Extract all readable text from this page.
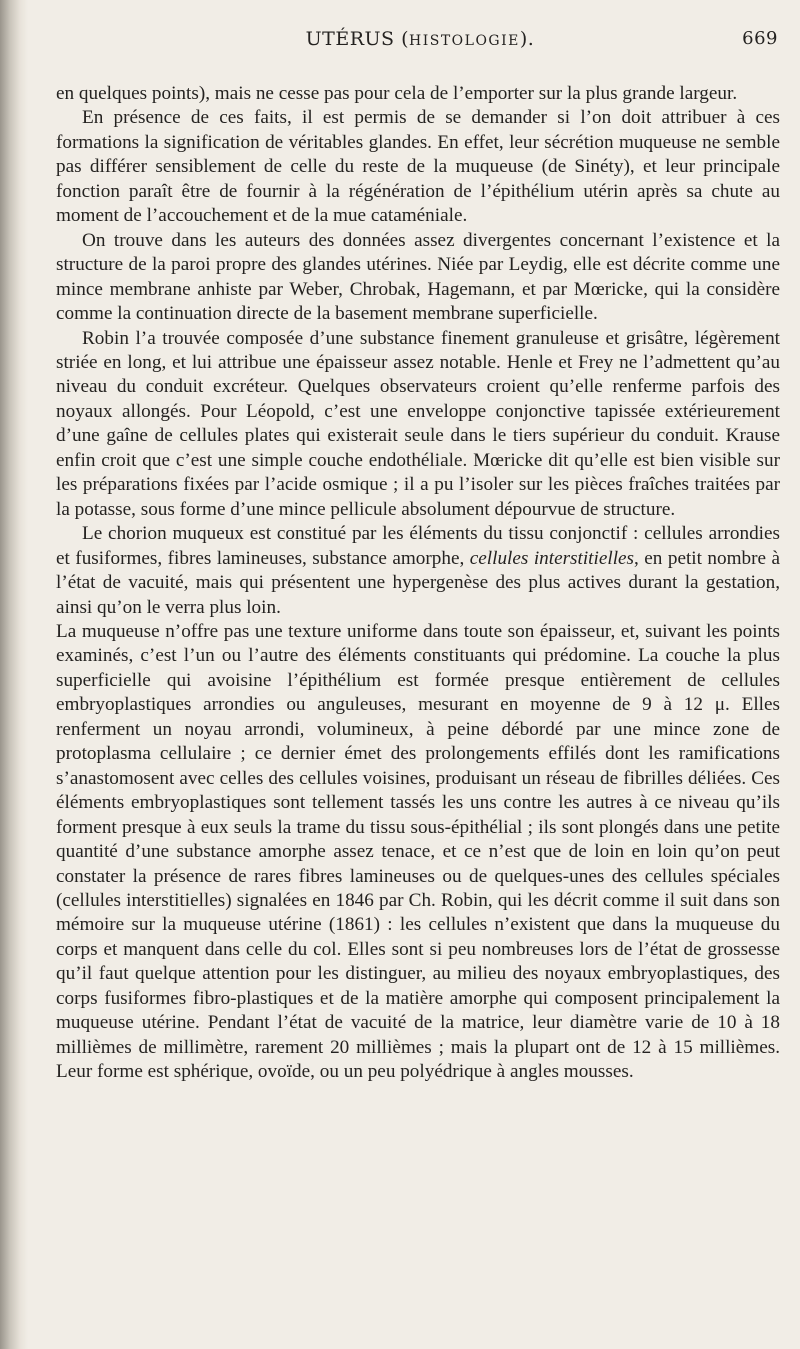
UTÉRUS (HISTOLOGIE).	669

en quelques points), mais ne cesse pas pour cela de l’emporter sur la plus grande largeur.

En présence de ces faits, il est permis de se demander si l’on doit attribuer à ces formations la signification de véritables glandes. En effet, leur sécrétion muqueuse ne semble pas différer sensiblement de celle du reste de la muqueuse (de Sinéty), et leur principale fonction paraît être de fournir à la régénération de l’épithélium utérin après sa chute au moment de l’accouchement et de la mue cataméniale.

On trouve dans les auteurs des données assez divergentes concernant l’existence et la structure de la paroi propre des glandes utérines. Niée par Leydig, elle est décrite comme une mince membrane anhiste par Weber, Chrobak, Hagemann, et par Mœricke, qui la considère comme la continuation directe de la basement membrane superficielle.

Robin l’a trouvée composée d’une substance finement granuleuse et grisâtre, légèrement striée en long, et lui attribue une épaisseur assez notable. Henle et Frey ne l’admettent qu’au niveau du conduit excréteur. Quelques observateurs croient qu’elle renferme parfois des noyaux allongés. Pour Léopold, c’est une enveloppe conjonctive tapissée extérieurement d’une gaîne de cellules plates qui existerait seule dans le tiers supérieur du conduit. Krause enfin croit que c’est une simple couche endothéliale. Mœricke dit qu’elle est bien visible sur les préparations fixées par l’acide osmique ; il a pu l’isoler sur les pièces fraîches traitées par la potasse, sous forme d’une mince pellicule absolument dépourvue de structure.

Le chorion muqueux est constitué par les éléments du tissu conjonctif : cellules arrondies et fusiformes, fibres lamineuses, substance amorphe, cellules interstitielles, en petit nombre à l’état de vacuité, mais qui présentent une hypergenèse des plus actives durant la gestation, ainsi qu’on le verra plus loin.

La muqueuse n’offre pas une texture uniforme dans toute son épaisseur, et, suivant les points examinés, c’est l’un ou l’autre des éléments constituants qui prédomine. La couche la plus superficielle qui avoisine l’épithélium est formée presque entièrement de cellules embryoplastiques arrondies ou anguleuses, mesurant en moyenne de 9 à 12 μ. Elles renferment un noyau arrondi, volumineux, à peine débordé par une mince zone de protoplasma cellulaire ; ce dernier émet des prolongements effilés dont les ramifications s’anastomosent avec celles des cellules voisines, produisant un réseau de fibrilles déliées. Ces éléments embryoplastiques sont tellement tassés les uns contre les autres à ce niveau qu’ils forment presque à eux seuls la trame du tissu sous-épithélial ; ils sont plongés dans une petite quantité d’une substance amorphe assez tenace, et ce n’est que de loin en loin qu’on peut constater la présence de rares fibres lamineuses ou de quelques-unes des cellules spéciales (cellules interstitielles) signalées en 1846 par Ch. Robin, qui les décrit comme il suit dans son mémoire sur la muqueuse utérine (1861) : les cellules n’existent que dans la muqueuse du corps et manquent dans celle du col. Elles sont si peu nombreuses lors de l’état de grossesse qu’il faut quelque attention pour les distinguer, au milieu des noyaux embryoplastiques, des corps fusiformes fibro-plastiques et de la matière amorphe qui composent principalement la muqueuse utérine. Pendant l’état de vacuité de la matrice, leur diamètre varie de 10 à 18 millièmes de millimètre, rarement 20 millièmes ; mais la plupart ont de 12 à 15 millièmes. Leur forme est sphérique, ovoïde, ou un peu polyédrique à angles mousses.
